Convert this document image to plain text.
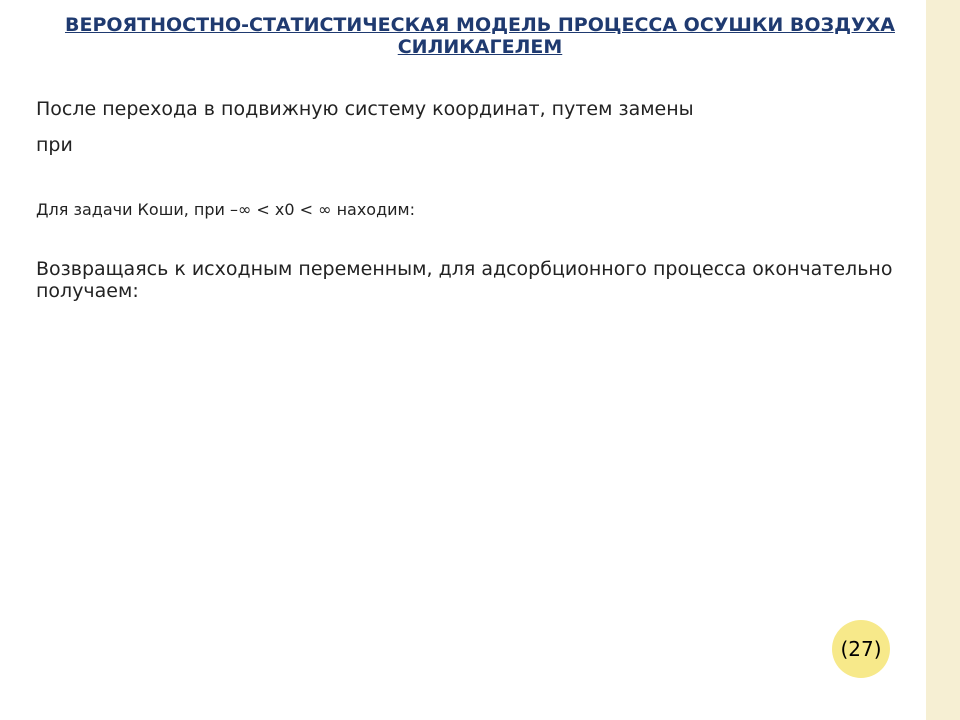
ВЕРОЯТНОСТНО-СТАТИСТИЧЕСКАЯ МОДЕЛЬ ПРОЦЕССА ОСУШКИ ВОЗДУХА СИЛИКАГЕЛЕМ
После перехода в подвижную систему координат, путем замены
при
Для задачи Коши, при –∞ < x0 < ∞ находим:
Возвращаясь к исходным переменным, для адсорбционного процесса окончательно получаем:
(27)
